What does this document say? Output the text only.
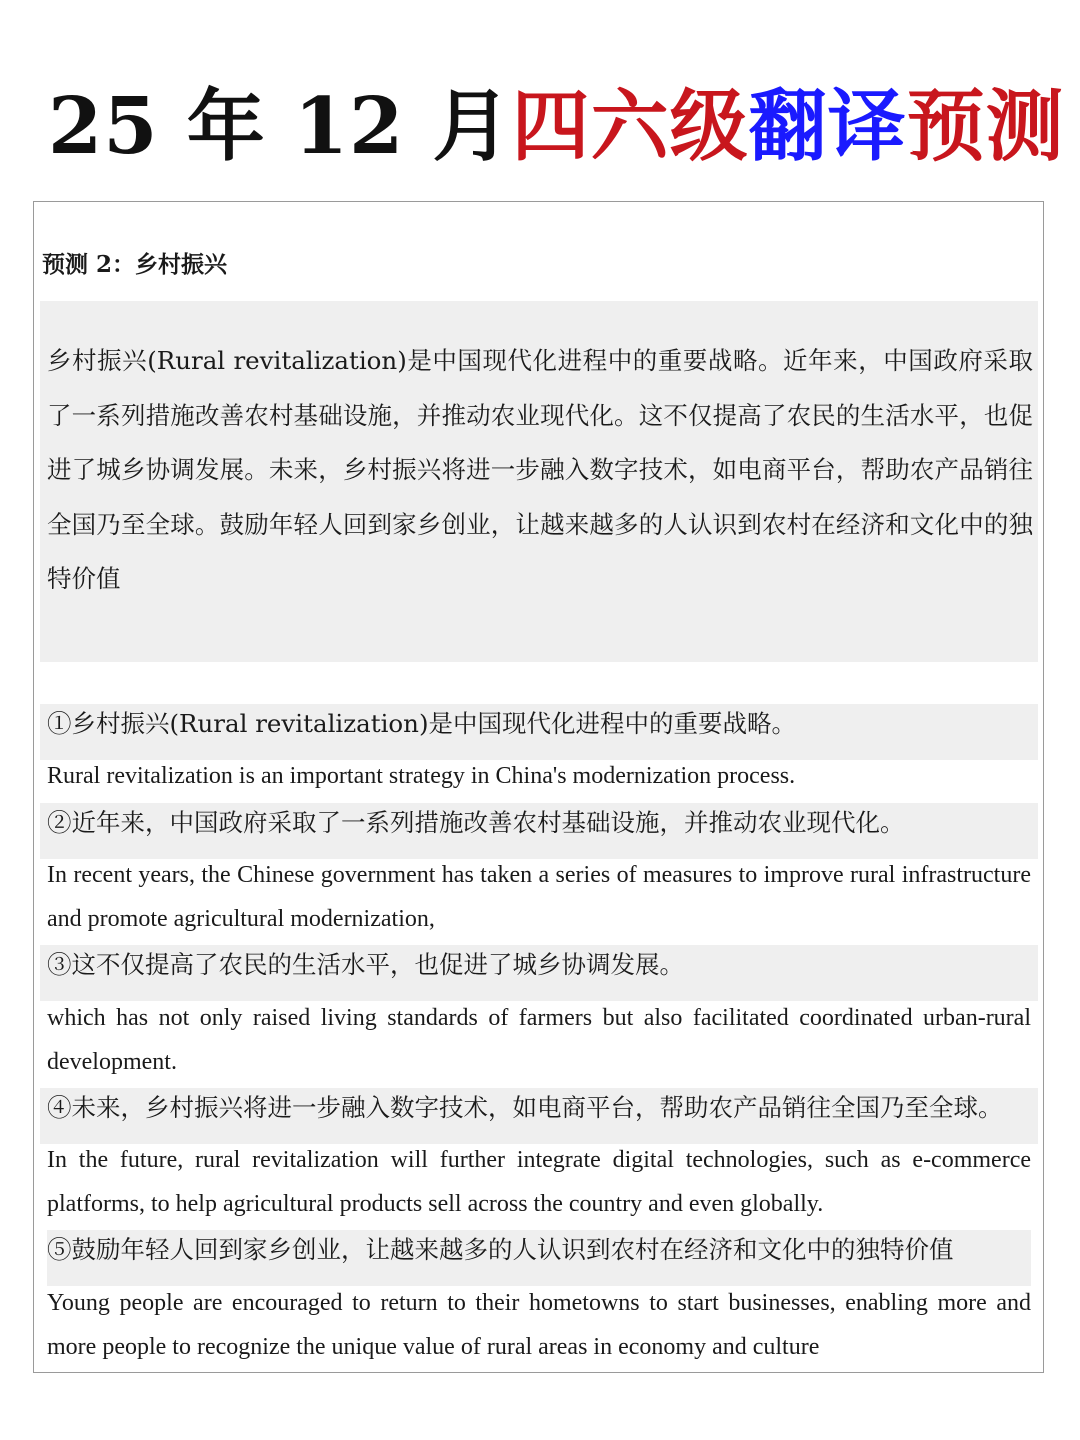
25 年 12 月 四六级 翻译 预测
预测 2：乡村振兴
乡村振兴(Rural revitalization)是中国现代化进程中的重要战略。近年来，中国政府采取了一系列措施改善农村基础设施，并推动农业现代化。这不仅提高了农民的生活水平，也促进了城乡协调发展。未来，乡村振兴将进一步融入数字技术，如电商平台，帮助农产品销往全国乃至全球。鼓励年轻人回到家乡创业，让越来越多的人认识到农村在经济和文化中的独特价值
①乡村振兴(Rural revitalization)是中国现代化进程中的重要战略。
Rural revitalization is an important strategy in China's modernization process.
②近年来，中国政府采取了一系列措施改善农村基础设施，并推动农业现代化。
In recent years, the Chinese government has taken a series of measures to improve rural infrastructure and promote agricultural modernization,
③这不仅提高了农民的生活水平，也促进了城乡协调发展。
which has not only raised living standards of farmers but also facilitated coordinated urban-rural development.
④未来，乡村振兴将进一步融入数字技术，如电商平台，帮助农产品销往全国乃至全球。
In the future, rural revitalization will further integrate digital technologies, such as e-commerce platforms, to help agricultural products sell across the country and even globally.
⑤鼓励年轻人回到家乡创业，让越来越多的人认识到农村在经济和文化中的独特价值
Young people are encouraged to return to their hometowns to start businesses, enabling more and more people to recognize the unique value of rural areas in economy and culture
